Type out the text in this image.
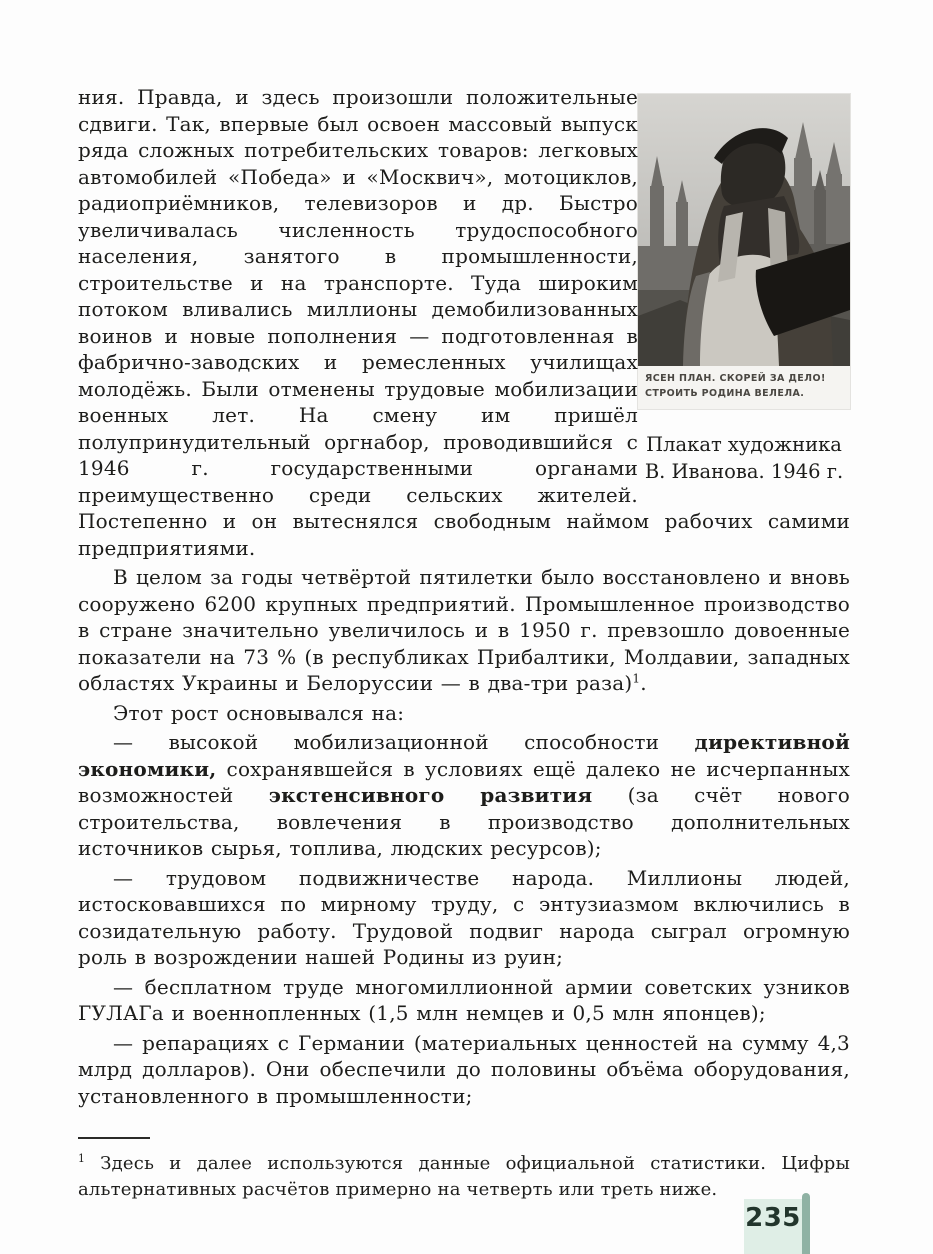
ЯСЕН ПЛАН. СКОРЕЙ ЗА ДЕЛО!
СТРОИТЬ РОДИНА ВЕЛЕЛА.
Плакат художника
В. Иванова. 1946 г.

ния. Правда, и здесь произошли положительные сдвиги. Так, впервые был освоен массовый выпуск ряда сложных потребительских товаров: легковых автомобилей «Победа» и «Москвич», мотоциклов, радиоприёмников, телевизоров и др. Быстро увеличивалась численность трудоспособного населения, занятого в промышленности, строительстве и на транспорте. Туда широким потоком вливались миллионы демобилизованных воинов и новые пополнения — подготовленная в фабрично-заводских и ремесленных училищах молодёжь. Были отменены трудовые мобилизации военных лет. На смену им пришёл полупринудительный оргнабор, проводившийся с 1946 г. государственными органами преимущественно среди сельских жителей. Постепенно и он вытеснялся свободным наймом рабочих самими предприятиями.

В целом за годы четвёртой пятилетки было восстановлено и вновь сооружено 6200 крупных предприятий. Промышленное производство в стране значительно увеличилось и в 1950 г. превзошло довоенные показатели на 73 % (в республиках Прибалтики, Молдавии, западных областях Украины и Белоруссии — в два-три раза)$^1$.

Этот рост основывался на:

— высокой мобилизационной способности директивной экономики, сохранявшейся в условиях ещё далеко не исчерпанных возможностей экстенсивного развития (за счёт нового строительства, вовлечения в производство дополнительных источников сырья, топлива, людских ресурсов);

— трудовом подвижничестве народа. Миллионы людей, истосковавшихся по мирному труду, с энтузиазмом включились в созидательную работу. Трудовой подвиг народа сыграл огромную роль в возрождении нашей Родины из руин;

— бесплатном труде многомиллионной армии советских узников ГУЛАГа и военнопленных (1,5 млн немцев и 0,5 млн японцев);

— репарациях с Германии (материальных ценностей на сумму 4,3 млрд долларов). Они обеспечили до половины объёма оборудования, установленного в промышленности;

$^1$ Здесь и далее используются данные официальной статистики. Цифры альтернативных расчётов примерно на четверть или треть ниже.

235
